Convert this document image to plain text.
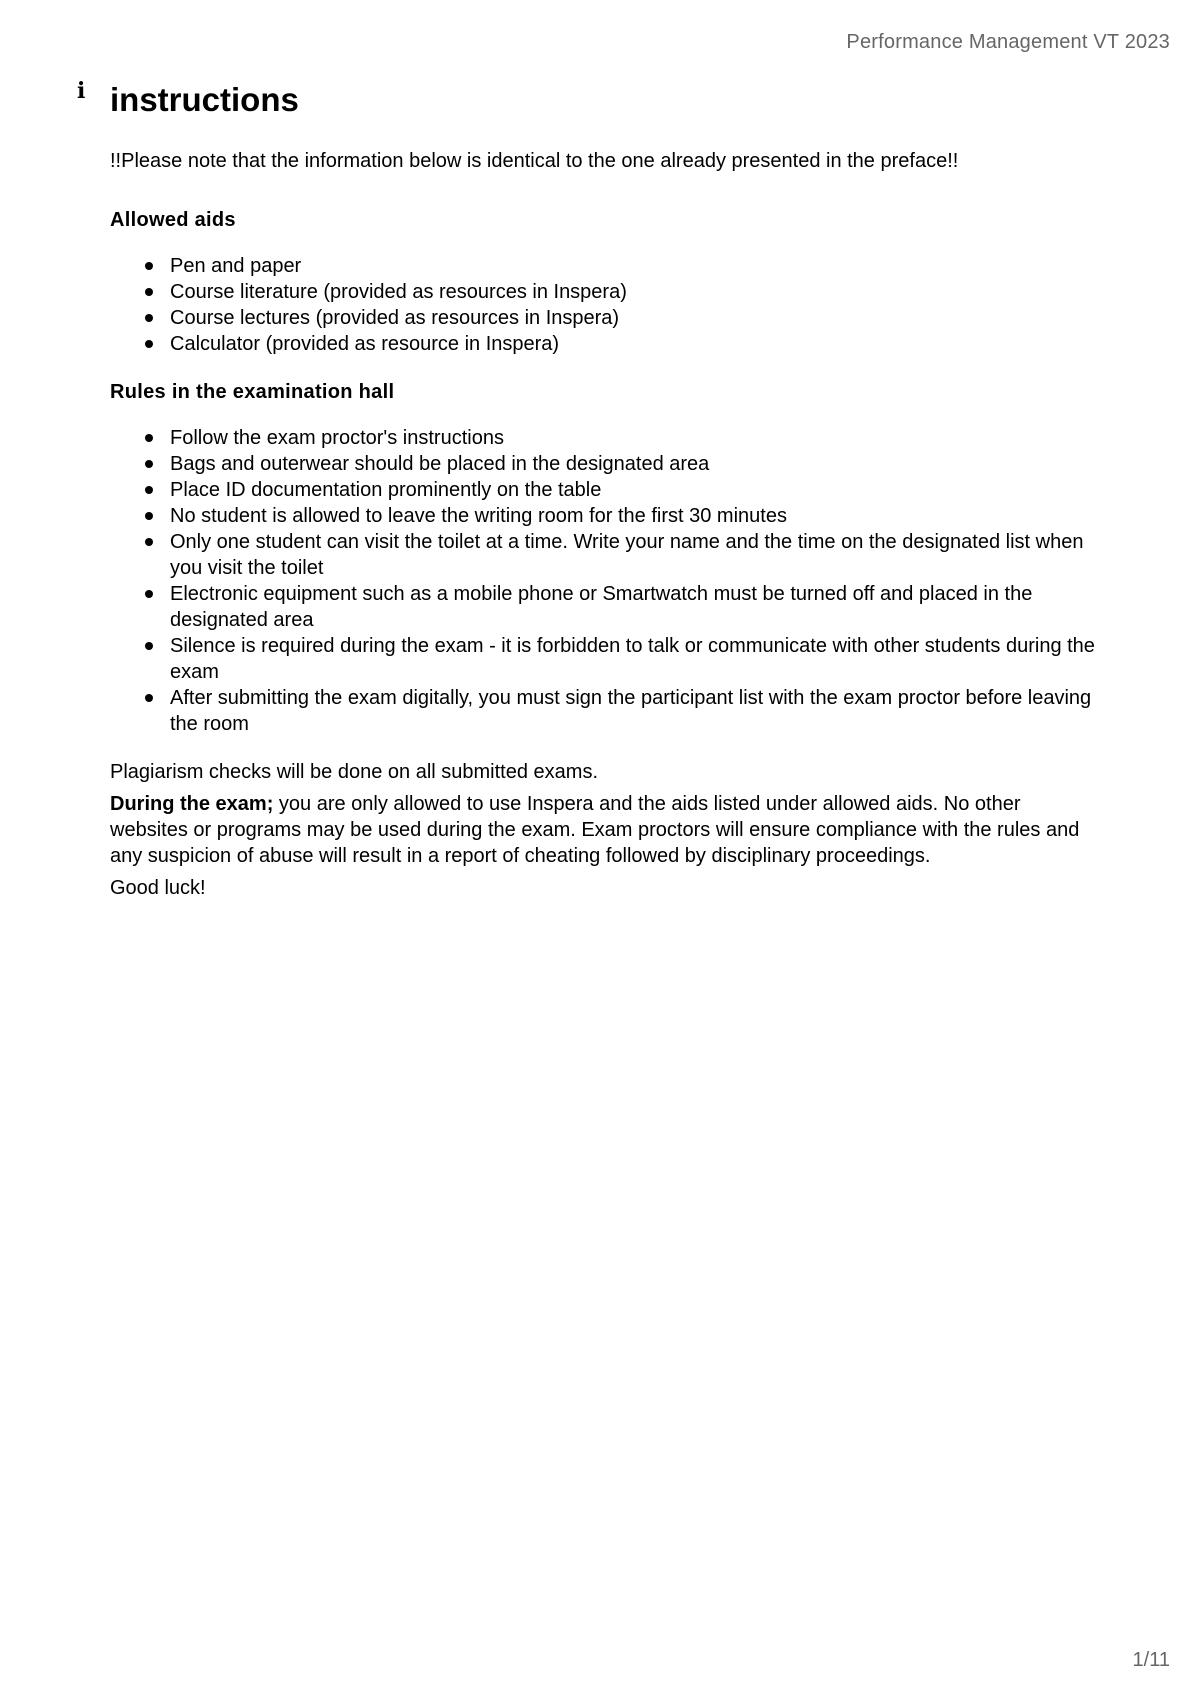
Performance Management VT 2023
i instructions

!!Please note that the information below is identical to the one already presented in the preface!!

Allowed aids
Pen and paper
Course literature (provided as resources in Inspera)
Course lectures (provided as resources in Inspera)
Calculator (provided as resource in Inspera)
Rules in the examination hall
Follow the exam proctor's instructions
Bags and outerwear should be placed in the designated area
Place ID documentation prominently on the table
No student is allowed to leave the writing room for the first 30 minutes
Only one student can visit the toilet at a time. Write your name and the time on the designated list when you visit the toilet
Electronic equipment such as a mobile phone or Smartwatch must be turned off and placed in the designated area
Silence is required during the exam - it is forbidden to talk or communicate with other students during the exam
After submitting the exam digitally, you must sign the participant list with the exam proctor before leaving the room

Plagiarism checks will be done on all submitted exams.

During the exam; you are only allowed to use Inspera and the aids listed under allowed aids. No other websites or programs may be used during the exam. Exam proctors will ensure compliance with the rules and any suspicion of abuse will result in a report of cheating followed by disciplinary proceedings.

Good luck!

1/11
